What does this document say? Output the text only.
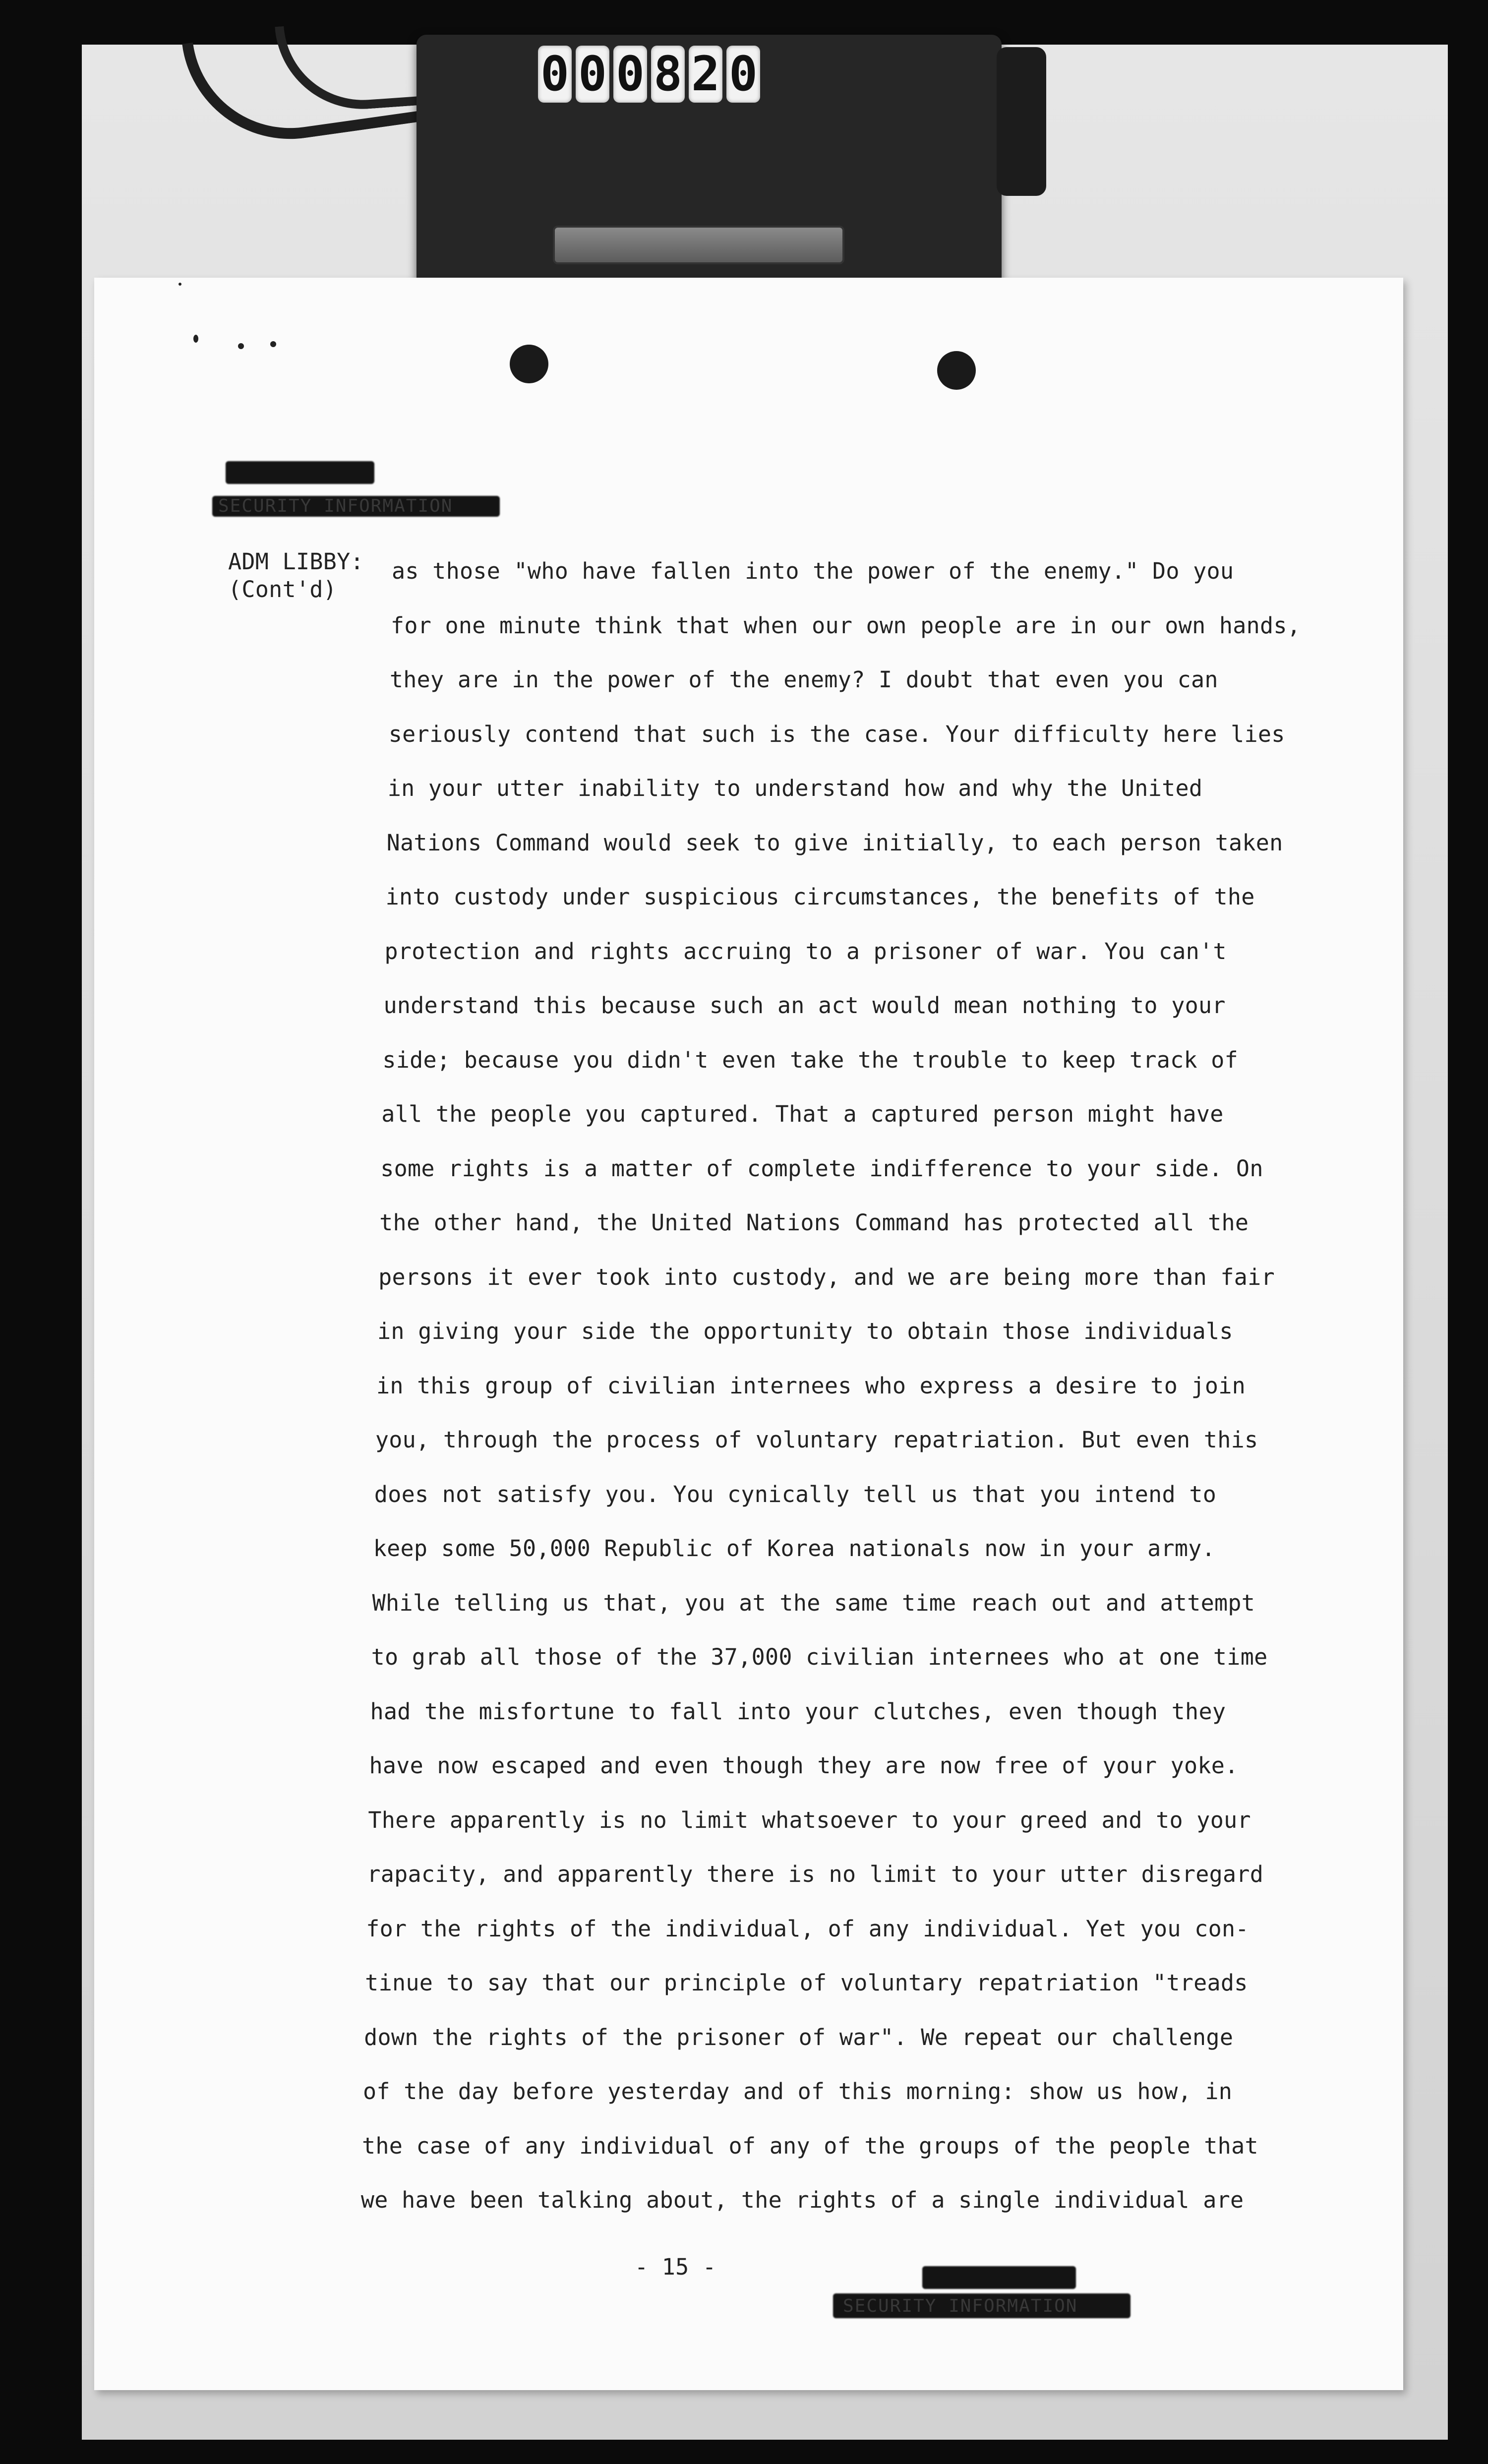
0 0 0 8 2 0
SECURITY INFORMATION
ADM LIBBY:
(Cont'd)
as those "who have fallen into the power of the enemy." Do you
for one minute think that when our own people are in our own hands,
they are in the power of the enemy? I doubt that even you can
seriously contend that such is the case. Your difficulty here lies
in your utter inability to understand how and why the United
Nations Command would seek to give initially, to each person taken
into custody under suspicious circumstances, the benefits of the
protection and rights accruing to a prisoner of war. You can't
understand this because such an act would mean nothing to your
side; because you didn't even take the trouble to keep track of
all the people you captured. That a captured person might have
some rights is a matter of complete indifference to your side. On
the other hand, the United Nations Command has protected all the
persons it ever took into custody, and we are being more than fair
in giving your side the opportunity to obtain those individuals
in this group of civilian internees who express a desire to join
you, through the process of voluntary repatriation. But even this
does not satisfy you. You cynically tell us that you intend to
keep some 50,000 Republic of Korea nationals now in your army.
While telling us that, you at the same time reach out and attempt
to grab all those of the 37,000 civilian internees who at one time
had the misfortune to fall into your clutches, even though they
have now escaped and even though they are now free of your yoke.
There apparently is no limit whatsoever to your greed and to your
rapacity, and apparently there is no limit to your utter disregard
for the rights of the individual, of any individual. Yet you con-
tinue to say that our principle of voluntary repatriation "treads
down the rights of the prisoner of war". We repeat our challenge
of the day before yesterday and of this morning: show us how, in
the case of any individual of any of the groups of the people that
we have been talking about, the rights of a single individual are
- 15 -
SECURITY INFORMATION
